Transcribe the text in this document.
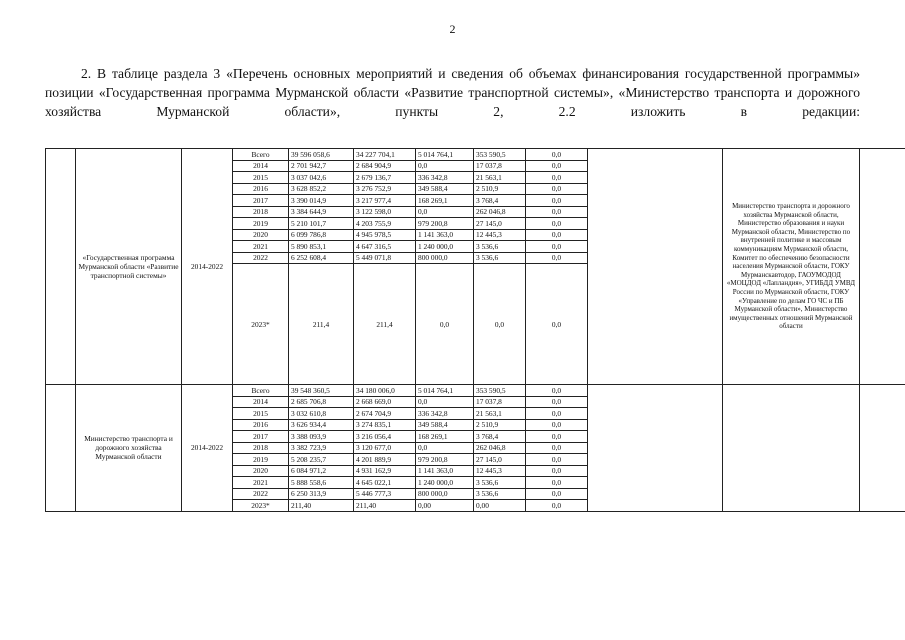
2
2. В таблице раздела 3 «Перечень основных мероприятий и сведения об объемах финансирования государственной программы» позиции «Государственная программа Мурманской области «Развитие транспортной системы», «Министерство транспорта и дорожного хозяйства Мурманской области», пункты 2, 2.2 изложить в редакции:
	«Государственная программа Мурманской области «Развитие транспортной системы»	2014-2022	Всего	39 596 058,6	34 227 704,1	5 014 764,1	353 590,5	0,0		Министерство транспорта и дорожного хозяйства Мурманской области, Министерство образования и науки Мурманской области, Министерство по внутренней политике и массовым коммуникациям Мурманской области, Комитет по обеспечению безопасности населения Мурманской области, ГОКУ Мурманскавтодор, ГАОУМОДОД «МОЦДОД «Лапландия», УГИБДД УМВД России по Мурманской области, ГОКУ «Управление по делам ГО ЧС и ПБ Мурманской области», Министерство имущественных отношений Мурманской области	
			2014	2 701 942,7	2 684 904,9	0,0	17 037,8	0,0			
			2015	3 037 042,6	2 679 136,7	336 342,8	21 563,1	0,0			
			2016	3 628 852,2	3 276 752,9	349 588,4	2 510,9	0,0			
			2017	3 390 014,9	3 217 977,4	168 269,1	3 768,4	0,0			
			2018	3 384 644,9	3 122 598,0	0,0	262 046,8	0,0			
			2019	5 210 101,7	4 203 755,9	979 200,8	27 145,0	0,0			
			2020	6 099 786,8	4 945 978,5	1 141 363,0	12 445,3	0,0			
			2021	5 890 853,1	4 647 316,5	1 240 000,0	3 536,6	0,0			
			2022	6 252 608,4	5 449 071,8	800 000,0	3 536,6	0,0			
			2023*	211,4	211,4	0,0	0,0	0,0			
	Министерство транспорта и дорожного хозяйства Мурманской области	2014-2022	Всего	39 548 360,5	34 180 006,0	5 014 764,1	353 590,5	0,0			
			2014	2 685 706,8	2 668 669,0	0,0	17 037,8	0,0			
			2015	3 032 610,8	2 674 704,9	336 342,8	21 563,1	0,0			
			2016	3 626 934,4	3 274 835,1	349 588,4	2 510,9	0,0			
			2017	3 388 093,9	3 216 056,4	168 269,1	3 768,4	0,0			
			2018	3 382 723,9	3 120 677,0	0,0	262 046,8	0,0			
			2019	5 208 235,7	4 201 889,9	979 200,8	27 145,0	0,0			
			2020	6 084 971,2	4 931 162,9	1 141 363,0	12 445,3	0,0			
			2021	5 888 558,6	4 645 022,1	1 240 000,0	3 536,6	0,0			
			2022	6 250 313,9	5 446 777,3	800 000,0	3 536,6	0,0			
			2023*	211,40	211,40	0,00	0,00	0,0			
